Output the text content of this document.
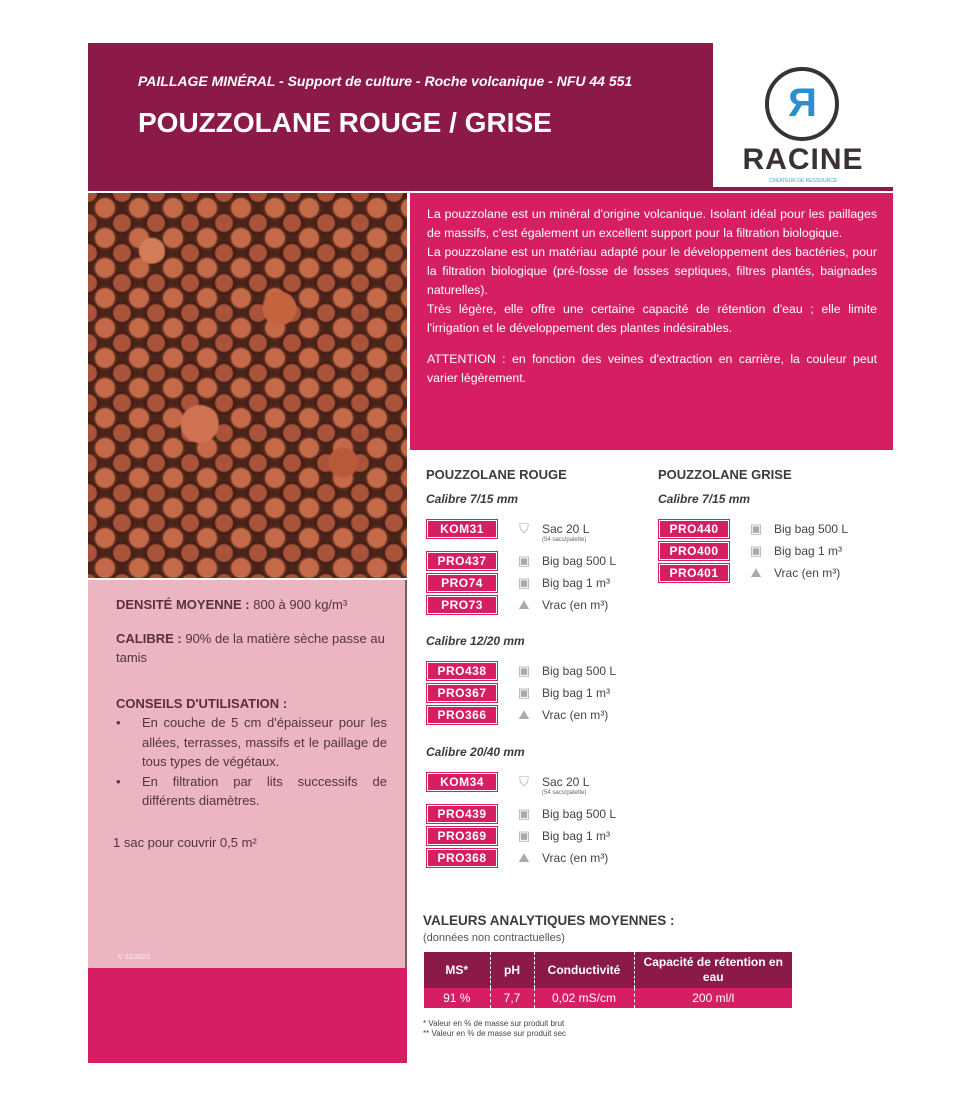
PAILLAGE MINÉRAL - Support de culture - Roche volcanique - NFU 44 551
POUZZOLANE ROUGE / GRISE	R
RACINE
CRÉATEUR DE RESSOURCE

La pouzzolane est un minéral d'origine volcanique. Isolant idéal pour les paillages de massifs, c'est également un excellent support pour la filtration biologique.

La pouzzolane est un matériau adapté pour le développement des bactéries, pour la filtration biologique (pré-fosse de fosses septiques, filtres plantés, baignades naturelles).

Très légère, elle offre une certaine capacité de rétention d'eau ; elle limite l'irrigation et le développement des plantes indésirables.

ATTENTION : en fonction des veines d'extraction en carrière, la couleur peut varier légèrement.

DENSITÉ MOYENNE : 800 à 900 kg/m³
CALIBRE : 90% de la matière sèche passe au tamis
CONSEILS D'UTILISATION :
• En couche de 5 cm d'épaisseur pour les allées, terrasses, massifs et le paillage de tous types de végétaux.
• En filtration par lits successifs de différents diamètres.
1 sac pour couvrir 0,5 m²
V 02/2023
POUZZOLANE ROUGE
Calibre 7/15 mm
KOM31	⛉	Sac 20 L
(54 sacs/palette)
PRO437	▣ Big bag 500 L
PRO74	▣ Big bag 1 m³
PRO73	⛰	Vrac (en m³)
Calibre 12/20 mm
PRO438	▣ Big bag 500 L
PRO367	▣ Big bag 1 m³
PRO366	⛰	Vrac (en m³)
Calibre 20/40 mm
KOM34	⛉	Sac 20 L
(54 sacs/palette)
PRO439	▣ Big bag 500 L
PRO369	▣ Big bag 1 m³
PRO368	⛰	Vrac (en m³)
POUZZOLANE GRISE
Calibre 7/15 mm
PRO440	▣ Big bag 500 L
PRO400	▣ Big bag 1 m³
PRO401	⛰	Vrac (en m³)
VALEURS ANALYTIQUES MOYENNES :
(données non contractuelles)
MS*	pH	Conductivité	Capacité de rétention en eau
91 %	7,7	0,02 mS/cm	200 ml/l
* Valeur en % de masse sur produit brut
** Valeur en % de masse sur produit sec
